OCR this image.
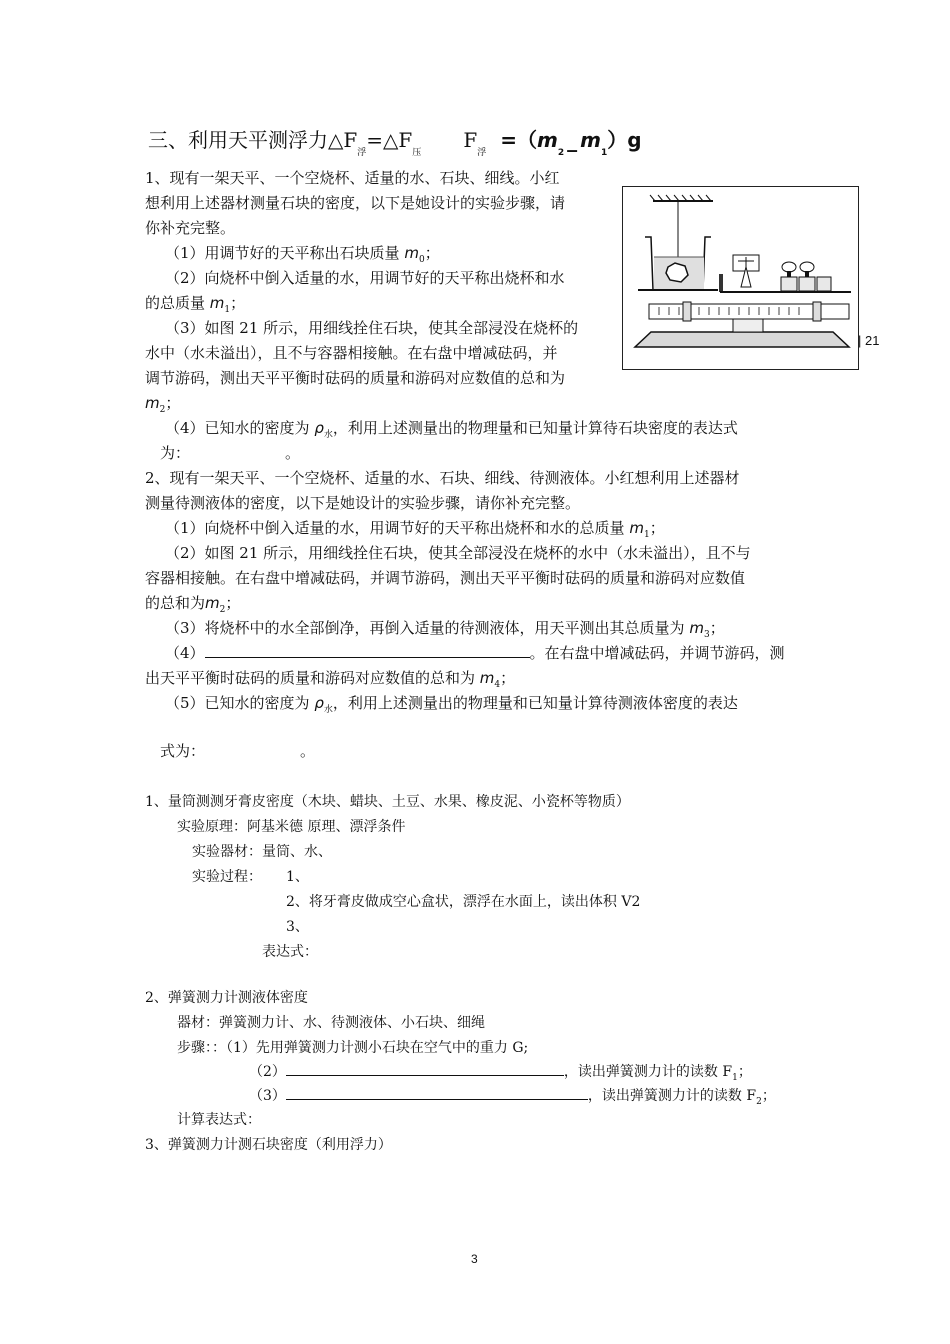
三、利用天平测浮力$\triangle F_浮=\triangle F_压F_浮=(m_2\_$ $m_1)g$
| 21
1、现有一架天平、一个空烧杯、适量的水、石块、细线。小红
想利用上述器材测量石块的密度，以下是她设计的实验步骤，请
你补充完整。
（1）用调节好的天平称出石块质量 $m_0$；
（2）向烧杯中倒入适量的水，用调节好的天平称出烧杯和水
的总质量 $m_1$；
（3）如图 21 所示，用细线拴住石块，使其全部浸没在烧杯的
水中（水未溢出），且不与容器相接触。在右盘中增减砝码，并
调节游码，测出天平平衡时砝码的质量和游码对应数值的总和为
$m_2$；
（4）已知水的密度为 $\rho_水$，利用上述测量出的物理量和已知量计算待石块密度的表达式
为：	。
2、现有一架天平、一个空烧杯、适量的水、石块、细线、待测液体。小红想利用上述器材
测量待测液体的密度，以下是她设计的实验步骤，请你补充完整。
（1）向烧杯中倒入适量的水，用调节好的天平称出烧杯和水的总质量 $m_1$；
（2）如图 21 所示，用细线拴住石块，使其全部浸没在烧杯的水中（水未溢出），且不与
容器相接触。在右盘中增减砝码，并调节游码，测出天平平衡时砝码的质量和游码对应数值
的总和为$m_2$；
（3）将烧杯中的水全部倒净，再倒入适量的待测液体，用天平测出其总质量为 $m_3$；
（4）	。在右盘中增减砝码，并调节游码，测
出天平平衡时砝码的质量和游码对应数值的总和为 $m_4$；
（5）已知水的密度为 $\rho_水$，利用上述测量出的物理量和已知量计算待测液体密度的表达
式为：	。
1、量筒测测牙膏皮密度（木块、蜡块、土豆、水果、橡皮泥、小瓷杯等物质）
实验原理：阿基米德 原理、漂浮条件
实验器材：量筒、水、
实验过程： 1、
2、将牙膏皮做成空心盒状，漂浮在水面上，读出体积 V2
3、
表达式：
2、弹簧测力计测液体密度
器材：弹簧测力计、水、待测液体、小石块、细绳
步骤：：（1）先用弹簧测力计测小石块在空气中的重力 G;
（2）	，读出弹簧测力计的读数 $F_1$；
（3）	，读出弹簧测力计的读数 $F_2$；
计算表达式：
3、弹簧测力计测石块密度（利用浮力）
3
